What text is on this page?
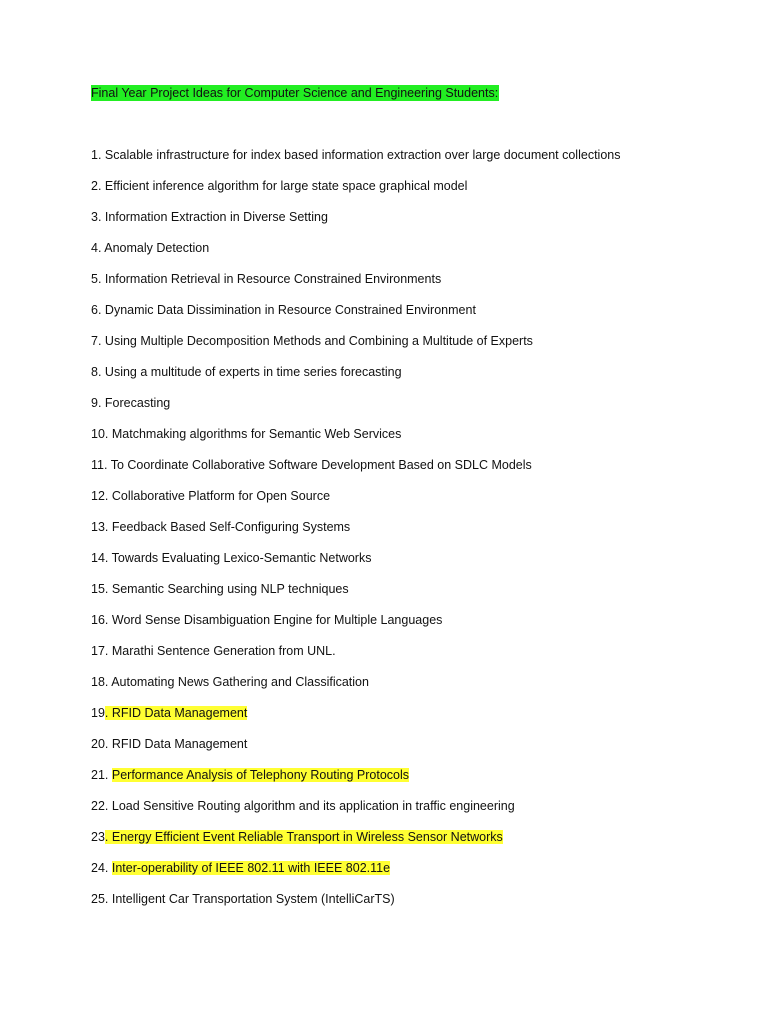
Final Year Project Ideas for Computer Science and Engineering Students:
1. Scalable infrastructure for index based information extraction over large document collections
2. Efficient inference algorithm for large state space graphical model
3. Information Extraction in Diverse Setting
4. Anomaly Detection
5. Information Retrieval in Resource Constrained Environments
6. Dynamic Data Dissimination in Resource Constrained Environment
7. Using Multiple Decomposition Methods and Combining a Multitude of Experts
8. Using a multitude of experts in time series forecasting
9. Forecasting
10. Matchmaking algorithms for Semantic Web Services
11. To Coordinate Collaborative Software Development Based on SDLC Models
12. Collaborative Platform for Open Source
13. Feedback Based Self-Configuring Systems
14. Towards Evaluating Lexico-Semantic Networks
15. Semantic Searching using NLP techniques
16. Word Sense Disambiguation Engine for Multiple Languages
17. Marathi Sentence Generation from UNL.
18. Automating News Gathering and Classification
19. RFID Data Management
20. RFID Data Management
21. Performance Analysis of Telephony Routing Protocols
22. Load Sensitive Routing algorithm and its application in traffic engineering
23. Energy Efficient Event Reliable Transport in Wireless Sensor Networks
24. Inter-operability of IEEE 802.11 with IEEE 802.11e
25. Intelligent Car Transportation System (IntelliCarTS)
